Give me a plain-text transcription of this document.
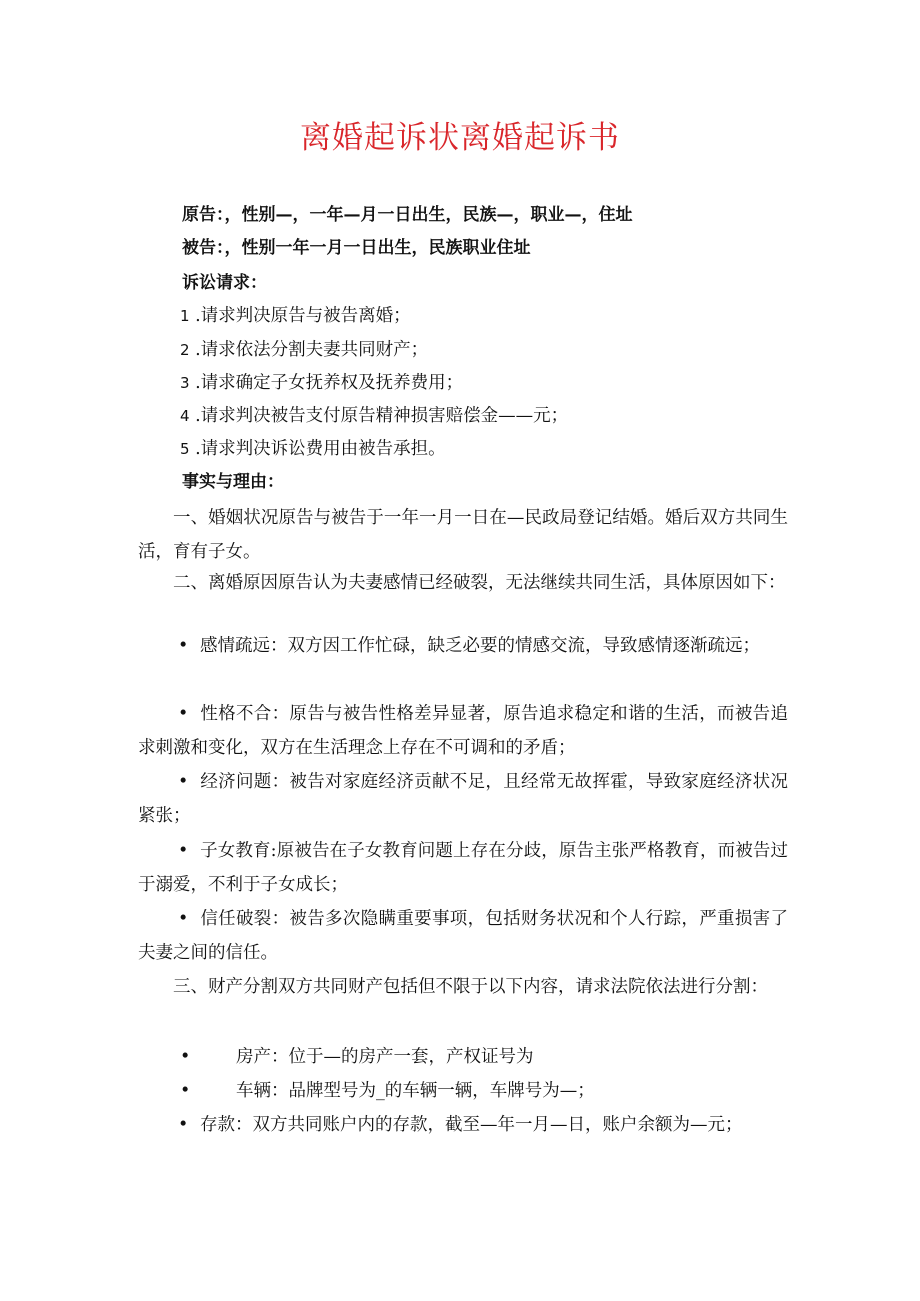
离婚起诉状离婚起诉书
原告：，性别—，一年—月一日出生，民族—，职业—，住址
被告：，性别一年一月一日出生，民族职业住址
诉讼请求：
1 .请求判决原告与被告离婚；
2 .请求依法分割夫妻共同财产；
3 .请求确定子女抚养权及抚养费用；
4 .请求判决被告支付原告精神损害赔偿金——元；
5 .请求判决诉讼费用由被告承担。
事实与理由：
一、婚姻状况原告与被告于一年一月一日在—民政局登记结婚。婚后双方共同生活，育有子女。
二、离婚原因原告认为夫妻感情已经破裂，无法继续共同生活，具体原因如下：
• 感情疏远：双方因工作忙碌，缺乏必要的情感交流，导致感情逐渐疏远；
• 性格不合：原告与被告性格差异显著，原告追求稳定和谐的生活，而被告追求刺激和变化，双方在生活理念上存在不可调和的矛盾；
• 经济问题：被告对家庭经济贡献不足，且经常无故挥霍，导致家庭经济状况紧张；
• 子女教育:原被告在子女教育问题上存在分歧，原告主张严格教育，而被告过于溺爱，不利于子女成长；
• 信任破裂：被告多次隐瞒重要事项，包括财务状况和个人行踪，严重损害了夫妻之间的信任。
三、财产分割双方共同财产包括但不限于以下内容，请求法院依法进行分割：
•	房产：位于—的房产一套，产权证号为
•	车辆：品牌型号为_的车辆一辆，车牌号为—；
• 存款：双方共同账户内的存款，截至—年一月—日，账户余额为—元；
